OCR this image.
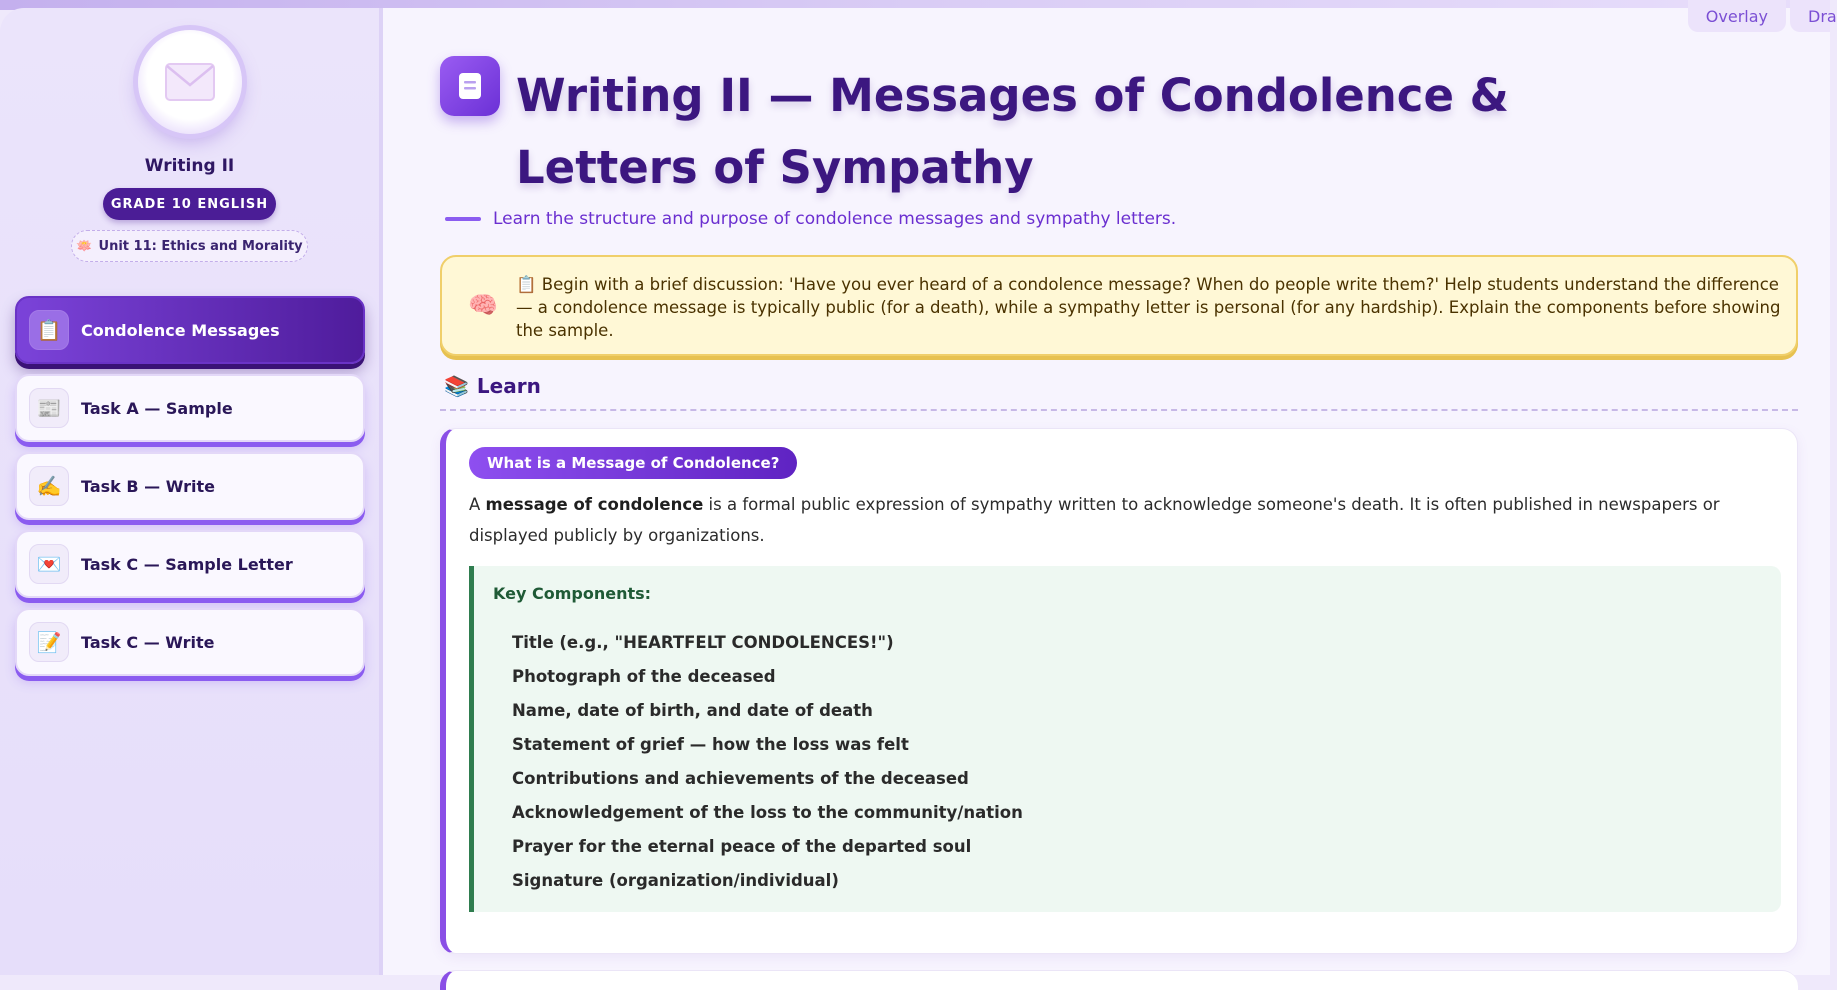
Overlay	Dra
Writing II
GRADE 10 ENGLISH
🪷 Unit 11: Ethics and Morality
📋	Condolence Messages
📰	Task A — Sample
✍️	Task B — Write
💌	Task C — Sample Letter
📝	Task C — Write
Writing II — Messages of Condolence & Letters of Sympathy
Learn the structure and purpose of condolence messages and sympathy letters.
🧠
📋 Begin with a brief discussion: 'Have you ever heard of a condolence message? When do people write them?' Help students understand the difference — a condolence message is typically public (for a death), while a sympathy letter is personal (for any hardship). Explain the components before showing the sample.
📚 Learn
What is a Message of Condolence?

A message of condolence is a formal public expression of sympathy written to acknowledge someone's death. It is often published in newspapers or displayed publicly by organizations.

Key Components:
Title (e.g., "HEARTFELT CONDOLENCES!")
Photograph of the deceased
Name, date of birth, and date of death
Statement of grief — how the loss was felt
Contributions and achievements of the deceased
Acknowledgement of the loss to the community/nation
Prayer for the eternal peace of the departed soul
Signature (organization/individual)
